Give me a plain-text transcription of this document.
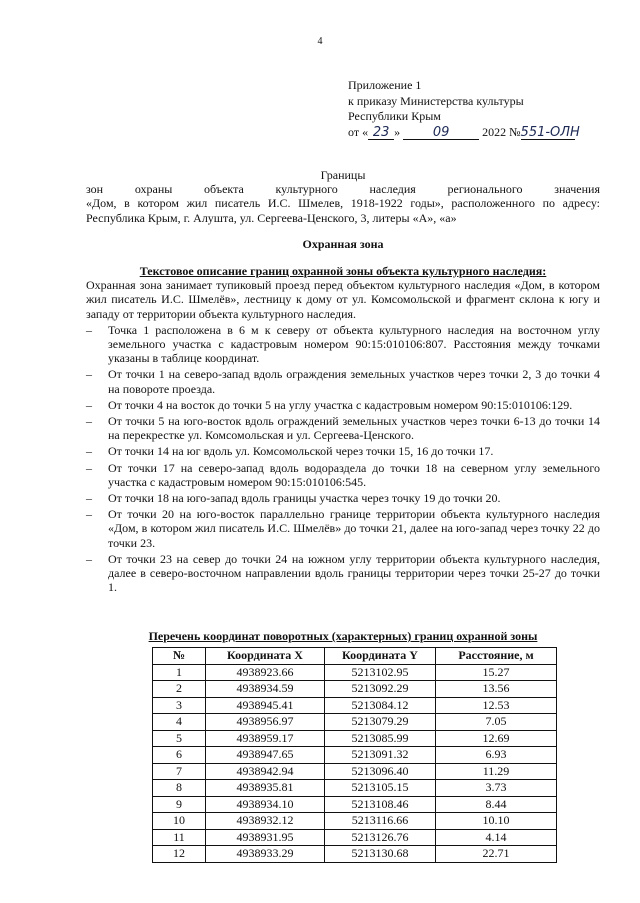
4
Приложение 1
к приказу Министерства культуры
Республики Крым
от « 23 »	09	2022 №551-ОЛН
Границы
зон охраны объекта культурного наследия регионального значения
«Дом, в котором жил писатель И.С. Шмелев, 1918-1922 годы», расположенного по адресу: Республика Крым, г. Алушта, ул. Сергеева-Ценского, 3, литеры «А», «а»
Охранная зона
Текстовое описание границ охранной зоны объекта культурного наследия:
Охранная зона занимает тупиковый проезд перед объектом культурного наследия «Дом, в котором жил писатель И.С. Шмелёв», лестницу к дому от ул. Комсомольской и фрагмент склона к югу и западу от территории объекта культурного наследия.
– Точка 1 расположена в 6 м к северу от объекта культурного наследия на восточном углу земельного участка с кадастровым номером 90:15:010106:807. Расстояния между точками указаны в таблице координат.
– От точки 1 на северо-запад вдоль ограждения земельных участков через точки 2, 3 до точки 4 на повороте проезда.
– От точки 4 на восток до точки 5 на углу участка с кадастровым номером 90:15:010106:129.
– От точки 5 на юго-восток вдоль ограждений земельных участков через точки 6-13 до точки 14 на перекрестке ул. Комсомольская и ул. Сергеева-Ценского.
– От точки 14 на юг вдоль ул. Комсомольской через точки 15, 16 до точки 17.
– От точки 17 на северо-запад вдоль водораздела до точки 18 на северном углу земельного участка с кадастровым номером 90:15:010106:545.
– От точки 18 на юго-запад вдоль границы участка через точку 19 до точки 20.
– От точки 20 на юго-восток параллельно границе территории объекта культурного наследия «Дом, в котором жил писатель И.С. Шмелёв» до точки 21, далее на юго-запад через точку 22 до точки 23.
– От точки 23 на север до точки 24 на южном углу территории объекта культурного наследия, далее в северо-восточном направлении вдоль границы территории через точки 25-27 до точки 1.
Перечень координат поворотных (характерных) границ охранной зоны
№	Координата X	Координата Y	Расстояние, м
1	4938923.66	5213102.95	15.27
2	4938934.59	5213092.29	13.56
3	4938945.41	5213084.12	12.53
4	4938956.97	5213079.29	7.05
5	4938959.17	5213085.99	12.69
6	4938947.65	5213091.32	6.93
7	4938942.94	5213096.40	11.29
8	4938935.81	5213105.15	3.73
9	4938934.10	5213108.46	8.44
10	4938932.12	5213116.66	10.10
11	4938931.95	5213126.76	4.14
12	4938933.29	5213130.68	22.71
